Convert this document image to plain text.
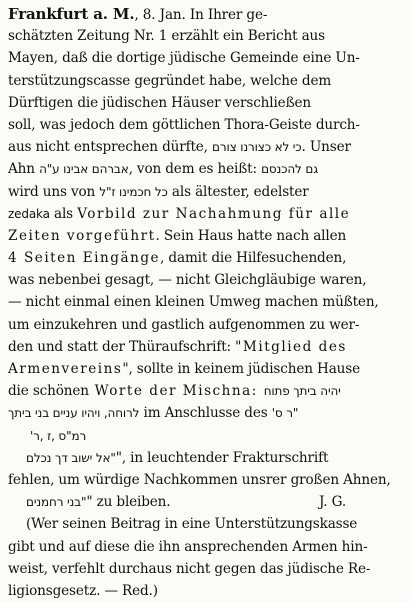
Frankfurt a. M., 8. Jan. In Ihrer ge-
schätzten Zeitung Nr. 1 erzählt ein Bericht aus
Mayen, daß die dortige jüdische Gemeinde eine Un-
terstützungscasse gegründet habe, welche dem
Dürftigen die jüdischen Häuser verschließen
soll, was jedoch dem göttlichen Thora-Geiste durch-
aus nicht entsprechen dürfte, כי לא כצורנו צורם. Unser
Ahn אברהם אבינו ע"ה, von dem es heißt: גם להכנסם
wird uns von כל חכמינו ז"ל als ältester, edelster
zedaka als Vorbild zur Nachahmung für alle
Zeiten vorgeführt. Sein Haus hatte nach allen
4 Seiten Eingänge, damit die Hilfesuchenden,
was nebenbei gesagt, — nicht Gleichgläubige waren,
— nicht einmal einen kleinen Umweg machen müßten,
um einzukehren und gastlich aufgenommen zu wer-
den und statt der Thüraufschrift: "Mitglied des
Armenvereins", sollte in keinem jüdischen Hause
die schönen Worte der Mischna: יהיה ביתך פתוח
לרוחה, ויהיו עניים בני ביתך im Anschlusse des "ר ס'
רמ"ס ,ז ,ר'
"אל ישוב דך נכלם", in leuchtender Frakturschrift
fehlen, um würdige Nachkommen unsrer großen Ahnen,
"בני רחמנים" zu bleiben.	J. G.
(Wer seinen Beitrag in eine Unterstützungskasse
gibt und auf diese die ihn ansprechenden Armen hin-
weist, verfehlt durchaus nicht gegen das jüdische Re-
ligionsgesetz. — Red.)
